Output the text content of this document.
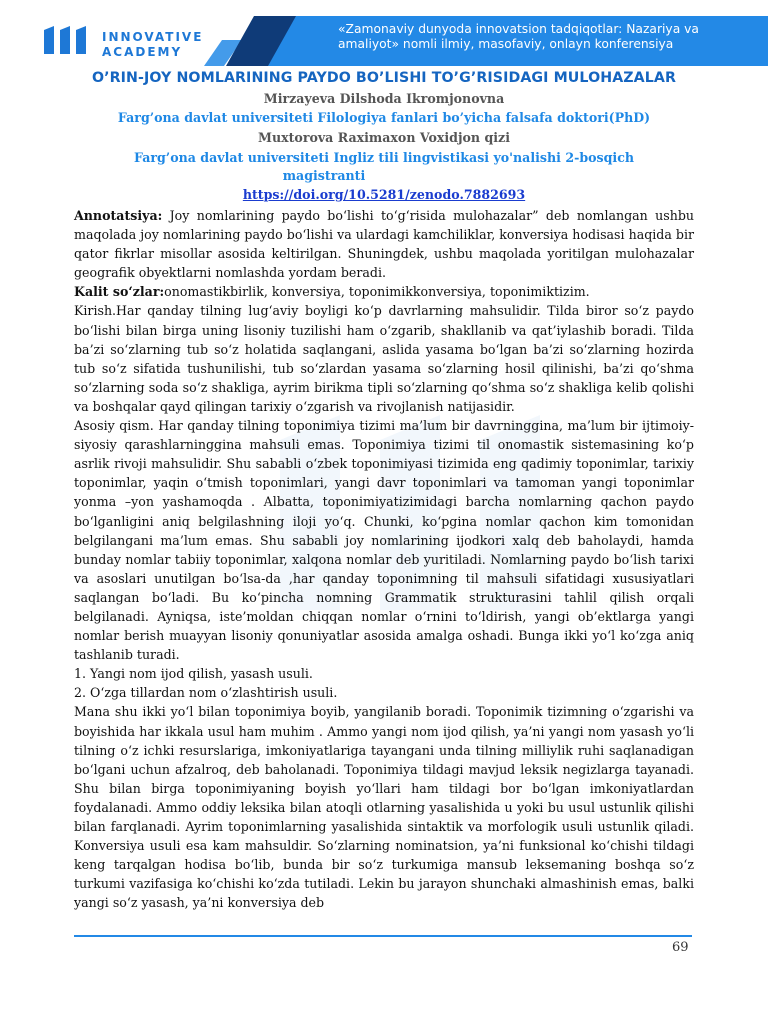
INNOVATIVE
ACADEMY
«Zamonaviy dunyoda innovatsion tadqiqotlar: Nazariya va amaliyot» nomli ilmiy, masofaviy, onlayn konferensiya
O’RIN-JOY NOMLARINING PAYDO BO’LISHI TO’G’RISIDAGI MULOHAZALAR
Mirzayeva Dilshoda Ikromjonovna
Farg’ona davlat universiteti Filologiya fanlari bo’yicha falsafa doktori(PhD)
Muxtorova Raximaxon Voxidjon qizi
Farg’ona davlat universiteti Ingliz tili lingvistikasi yo'nalishi 2-bosqich
magistranti
https://doi.org/10.5281/zenodo.7882693

Annotatsiya: Joy nomlarining paydo bo‘lishi to‘g‘risida mulohazalar” deb nomlangan ushbu maqolada joy nomlarining paydo bo‘lishi va ulardagi kamchiliklar, konversiya hodisasi haqida bir qator fikrlar misollar asosida keltirilgan. Shuningdek, ushbu maqolada yoritilgan mulohazalar geografik obyektlarni nomlashda yordam beradi.

Kalit so‘zlar:onomastikbirlik, konversiya, toponimikkonversiya, toponimiktizim.

Kirish.Har qanday tilning lug‘aviy boyligi ko‘p davrlarning mahsulidir. Tilda biror so‘z paydo bo‘lishi bilan birga uning lisoniy tuzilishi ham o‘zgarib, shakllanib va qat’iylashib boradi. Tilda ba’zi so‘zlarning tub so‘z holatida saqlangani, aslida yasama bo‘lgan ba’zi so‘zlarning hozirda tub so‘z sifatida tushunilishi, tub so‘zlardan yasama so‘zlarning hosil qilinishi, ba’zi qo‘shma so‘zlarning soda so‘z shakliga, ayrim birikma tipli so‘zlarning qo‘shma so‘z shakliga kelib qolishi va boshqalar qayd qilingan tarixiy o‘zgarish va rivojlanish natijasidir.

Asosiy qism. Har qanday tilning toponimiya tizimi ma’lum bir davrninggina, ma’lum bir ijtimoiy-siyosiy qarashlarninggina mahsuli emas. Toponimiya tizimi til onomastik sistemasining ko‘p asrlik rivoji mahsulidir. Shu sababli o‘zbek toponimiyasi tizimida eng qadimiy toponimlar, tarixiy toponimlar, yaqin o‘tmish toponimlari, yangi davr toponimlari va tamoman yangi toponimlar yonma –yon yashamoqda . Albatta, toponimiyatizimidagi barcha nomlarning qachon paydo bo‘lganligini aniq belgilashning iloji yo‘q. Chunki, ko‘pgina nomlar qachon kim tomonidan belgilangani ma’lum emas. Shu sababli joy nomlarining ijodkori xalq deb baholaydi, hamda bunday nomlar tabiiy toponimlar, xalqona nomlar deb yuritiladi. Nomlarning paydo bo‘lish tarixi va asoslari unutilgan bo‘lsa-da ,har qanday toponimning til mahsuli sifatidagi xususiyatlari saqlangan bo‘ladi. Bu ko‘pincha nomning Grammatik strukturasini tahlil qilish orqali belgilanadi. Ayniqsa, iste’moldan chiqqan nomlar o‘rnini to‘ldirish, yangi ob’ektlarga yangi nomlar berish muayyan lisoniy qonuniyatlar asosida amalga oshadi. Bunga ikki yo‘l ko‘zga aniq tashlanib turadi.

1. Yangi nom ijod qilish, yasash usuli.

2. O‘zga tillardan nom o‘zlashtirish usuli.

Mana shu ikki yo‘l bilan toponimiya boyib, yangilanib boradi. Toponimik tizimning o‘zgarishi va boyishida har ikkala usul ham muhim . Ammo yangi nom ijod qilish, ya’ni yangi nom yasash yo‘li tilning o‘z ichki resurslariga, imkoniyatlariga tayangani unda tilning milliylik ruhi saqlanadigan bo‘lgani uchun afzalroq, deb baholanadi. Toponimiya tildagi mavjud leksik negizlarga tayanadi. Shu bilan birga toponimiyaning boyish yo‘llari ham tildagi bor bo‘lgan imkoniyatlardan foydalanadi. Ammo oddiy leksika bilan atoqli otlarning yasalishida u yoki bu usul ustunlik qilishi bilan farqlanadi. Ayrim toponimlarning yasalishida sintaktik va morfologik usuli ustunlik qiladi. Konversiya usuli esa kam mahsuldir. So‘zlarning nominatsion, ya’ni funksional ko‘chishi tildagi keng tarqalgan hodisa bo‘lib, bunda bir so‘z turkumiga mansub leksemaning boshqa so‘z turkumi vazifasiga ko‘chishi ko‘zda tutiladi. Lekin bu jarayon shunchaki almashinish emas, balki yangi so‘z yasash, ya’ni konversiya deb

69
